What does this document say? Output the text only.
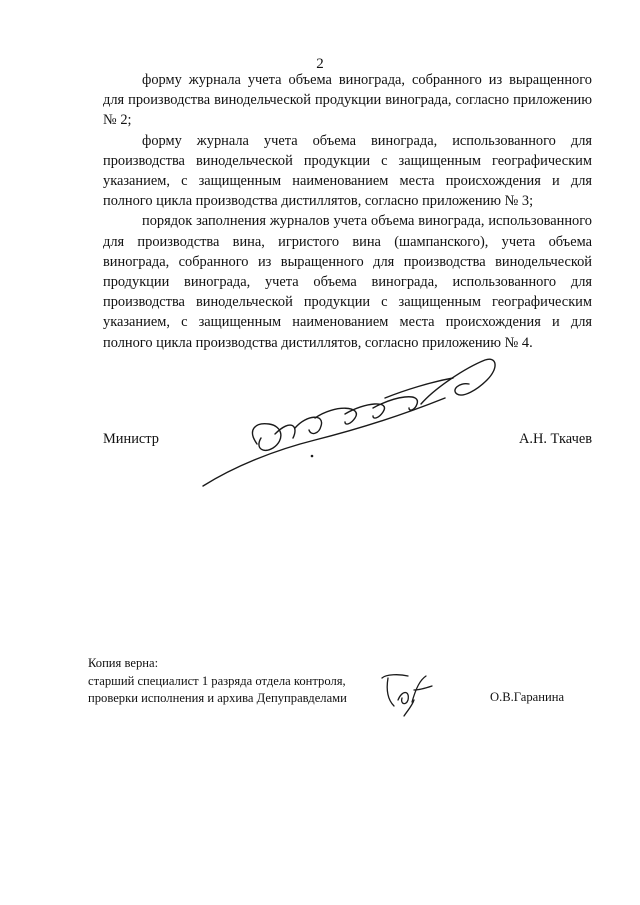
2

форму журнала учета объема винограда, собранного из выращенного для производства винодельческой продукции винограда, согласно приложению № 2;

форму журнала учета объема винограда, использованного для производства винодельческой продукции с защищенным географическим указанием, с защищенным наименованием места происхождения и для полного цикла производства дистиллятов, согласно приложению № 3;

порядок заполнения журналов учета объема винограда, использованного для производства вина, игристого вина (шампанского), учета объема винограда, собранного из выращенного для производства винодельческой продукции винограда, учета объема винограда, использованного для производства винодельческой продукции с защищенным географическим указанием, с защищенным наименованием места происхождения и для полного цикла производства дистиллятов, согласно приложению № 4.

Министр	А.Н. Ткачев

Копия верна:

старший специалист 1 разряда отдела контроля,

проверки исполнения и архива Депуправделами	О.В.Гаранина
